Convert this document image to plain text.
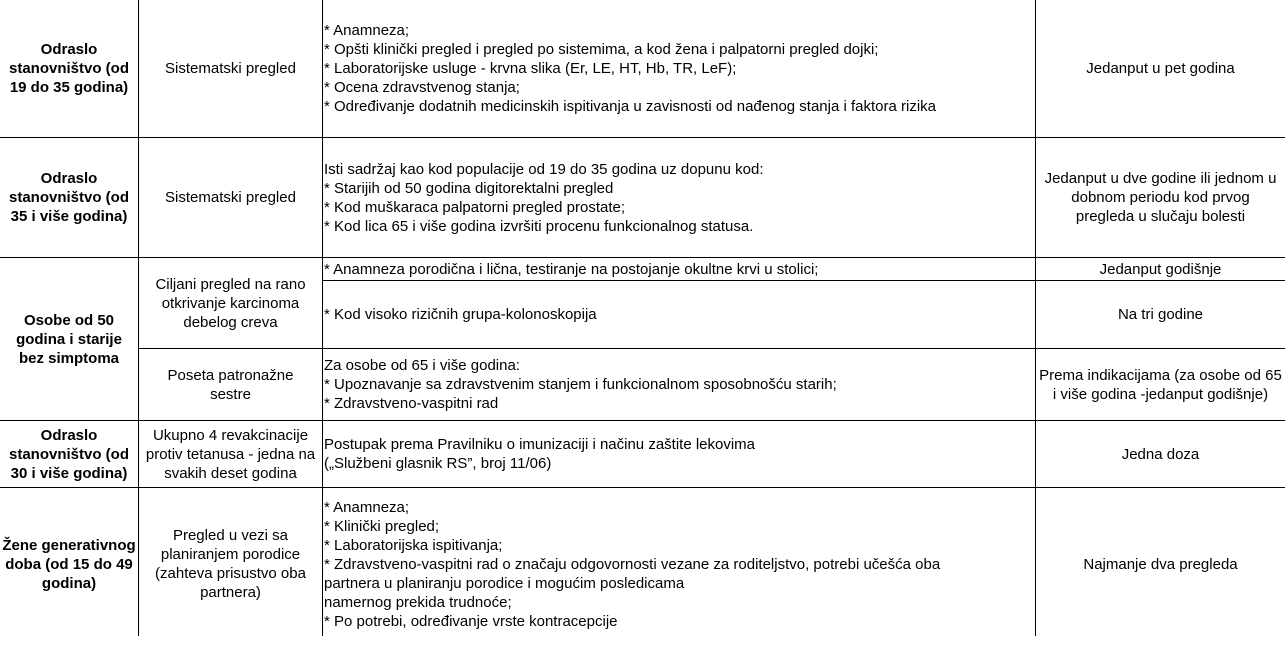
Odraslo stanovništvo (od 19 do 35 godina)
Sistematski pregled
* Anamneza;
* Opšti klinički pregled i pregled po sistemima, a kod žena i palpatorni pregled dojki;
* Laboratorijske usluge - krvna slika (Er, LE, HT, Hb, TR, LeF);
* Ocena zdravstvenog stanja;
* Određivanje dodatnih medicinskih ispitivanja u zavisnosti od nađenog stanja i faktora rizika
Jedanput u pet godina
Odraslo stanovništvo (od 35 i više godina)
Sistematski pregled
Isti sadržaj kao kod populacije od 19 do 35 godina uz dopunu kod:
* Starijih od 50 godina digitorektalni pregled
* Kod muškaraca palpatorni pregled prostate;
* Kod lica 65 i više godina izvršiti procenu funkcionalnog statusa.
Jedanput u dve godine ili jednom u dobnom periodu kod prvog pregleda u slučaju bolesti
Osobe od 50 godina i starije bez simptoma
Ciljani pregled na rano otkrivanje karcinoma debelog creva
* Anamneza porodična i lična, testiranje na postojanje okultne krvi u stolici;	Jedanput godišnje
* Kod visoko rizičnih grupa-kolonoskopija	Na tri godine
Poseta patronažne sestre
Za osobe od 65 i više godina:
* Upoznavanje sa zdravstvenim stanjem i funkcionalnom sposobnošću starih;
* Zdravstveno-vaspitni rad
Prema indikacijama (za osobe od 65 i više godina -jedanput godišnje)
Odraslo stanovništvo (od 30 i više godina)
Ukupno 4 revakcinacije protiv tetanusa - jedna na svakih deset godina
Postupak prema Pravilniku o imunizaciji i načinu zaštite lekovima
(„Službeni glasnik RS”, broj 11/06)
Jedna doza
Žene generativnog doba (od 15 do 49 godina)
Pregled u vezi sa planiranjem porodice (zahteva prisustvo oba partnera)
* Anamneza;
* Klinički pregled;
* Laboratorijska ispitivanja;
* Zdravstveno-vaspitni rad o značaju odgovornosti vezane za roditeljstvo, potrebi učešća oba
partnera u planiranju porodice i mogućim posledicama
namernog prekida trudnoće;
* Po potrebi, određivanje vrste kontracepcije
Najmanje dva pregleda
